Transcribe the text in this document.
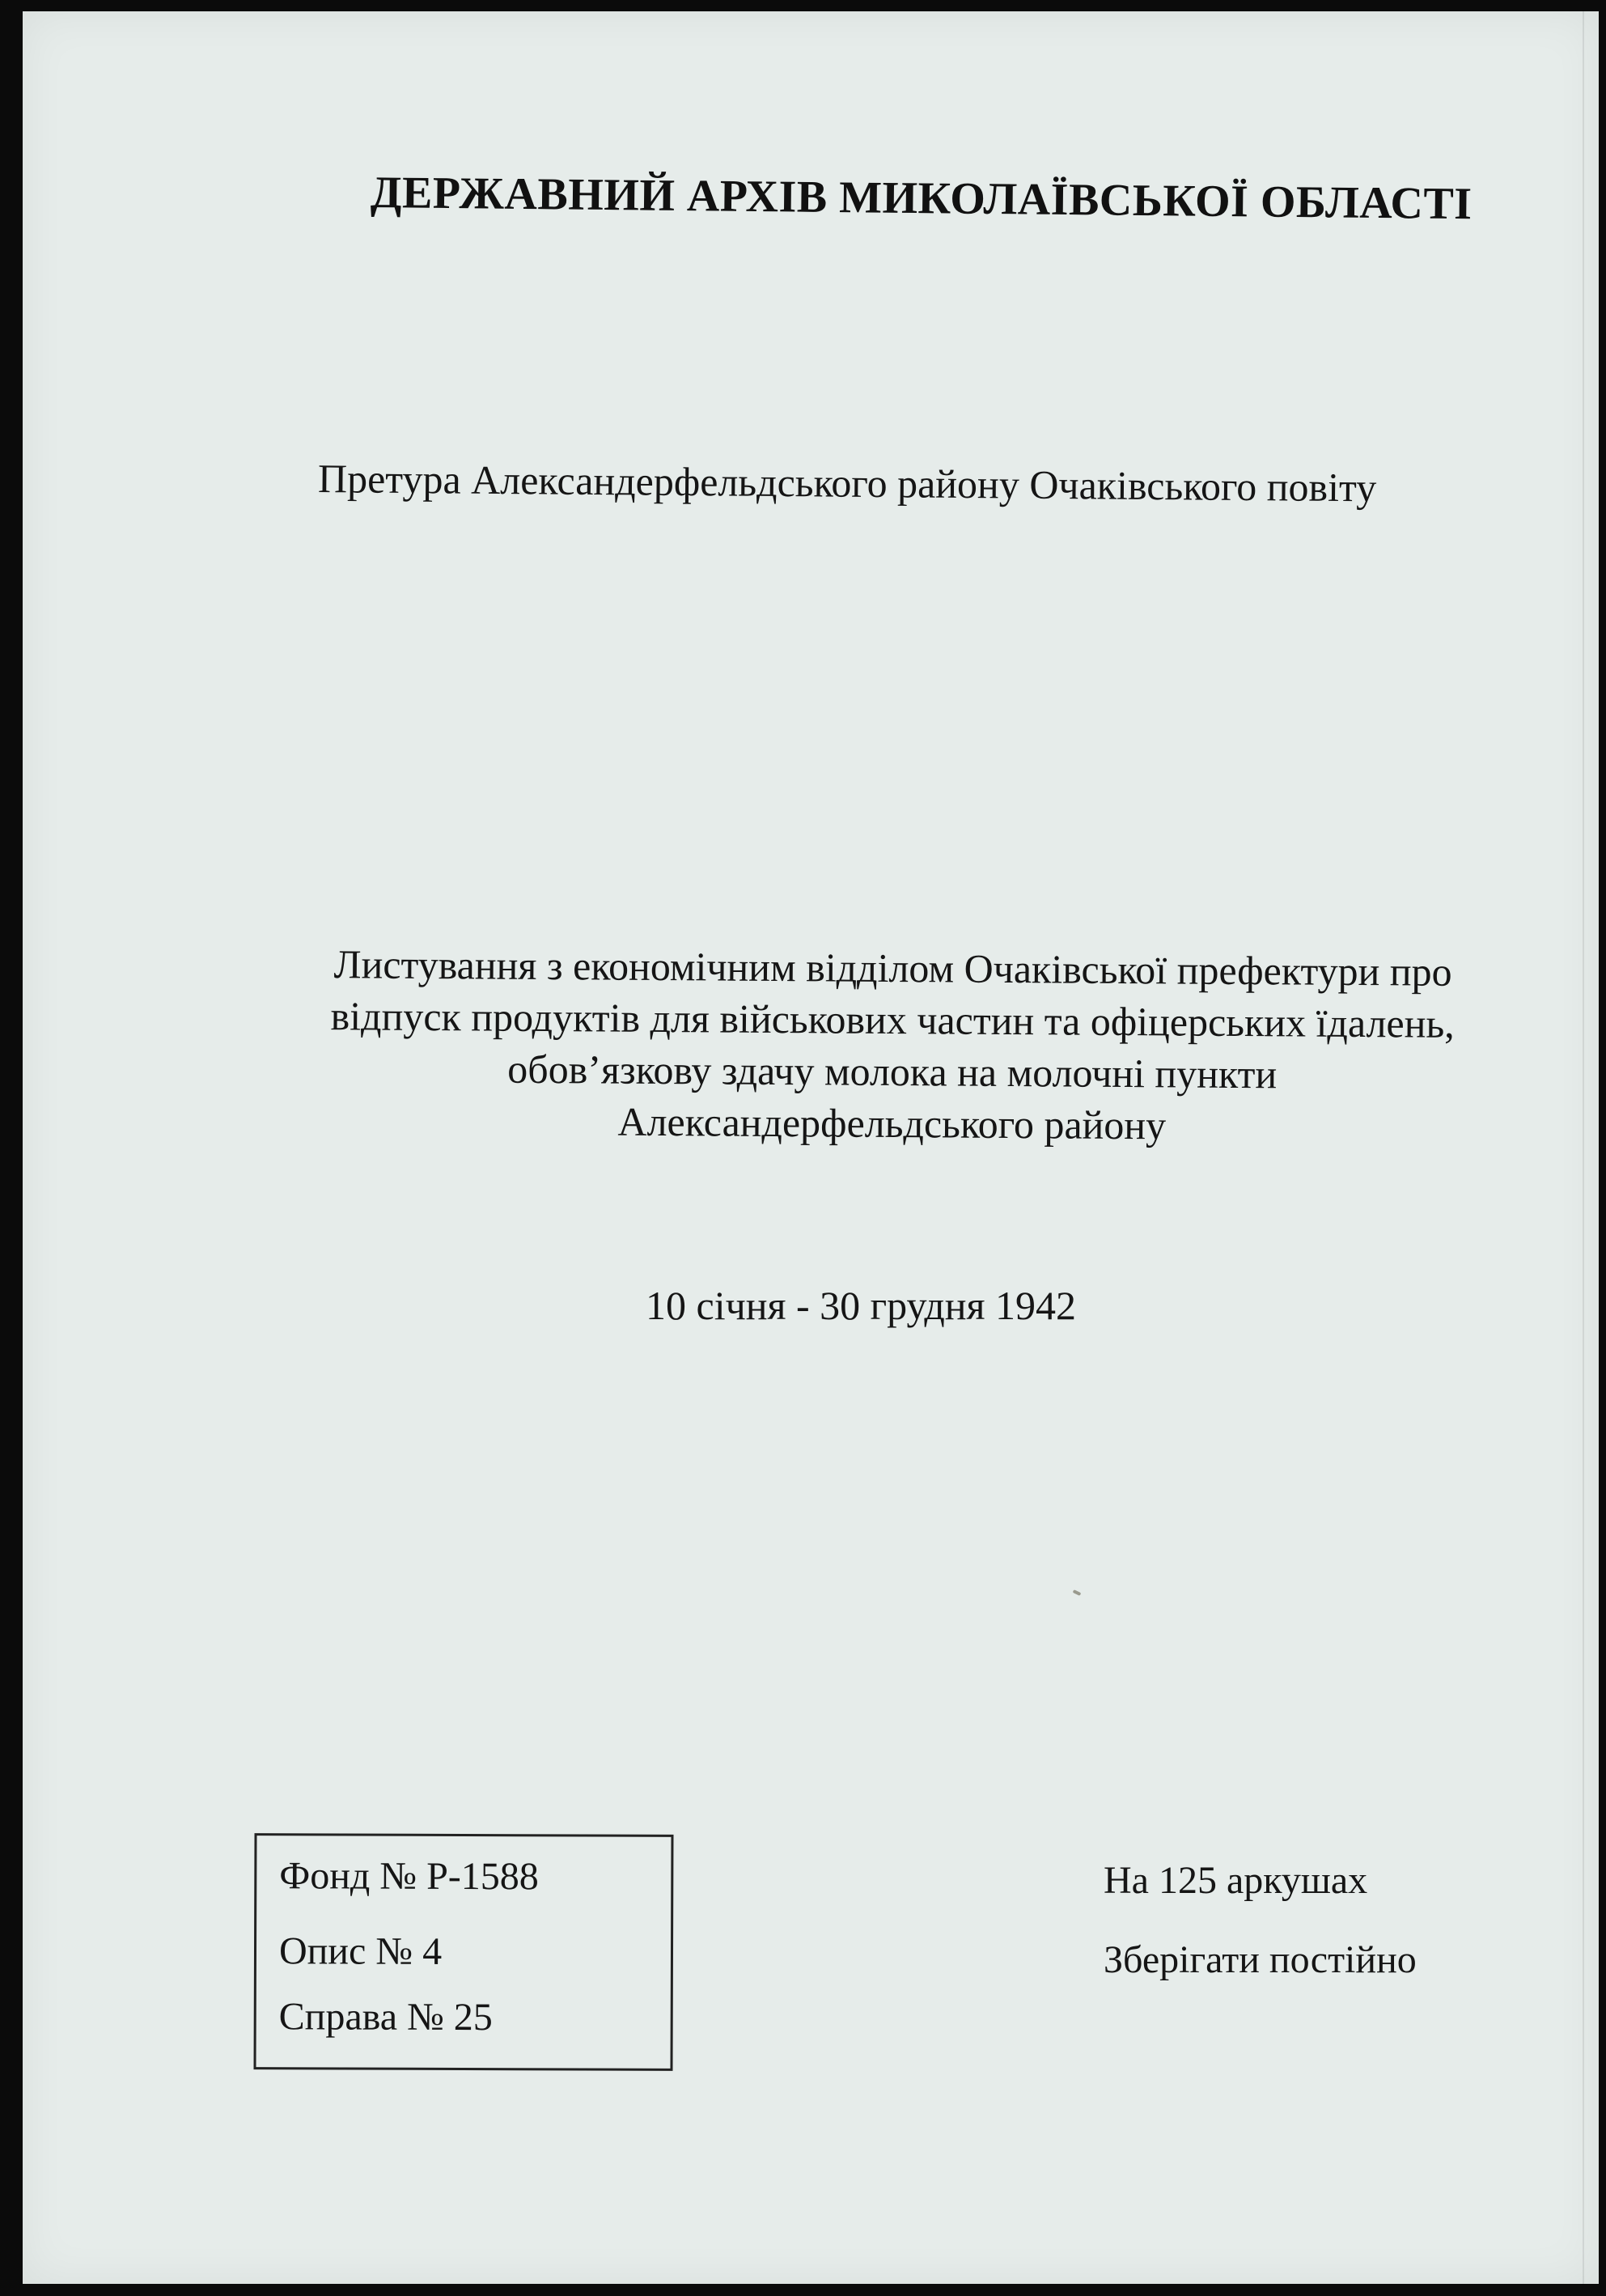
ДЕРЖАВНИЙ АРХІВ МИКОЛАЇВСЬКОЇ ОБЛАСТІ
Претура Александерфельдського району Очаківського повіту
Листування з економічним відділом Очаківської префектури про
відпуск продуктів для військових частин та офіцерських їдалень,
обов’язкову здачу молока на молочні пункти
Александерфельдського району
10 січня - 30 грудня 1942
Фонд № Р-1588
Опис № 4
Справа № 25
На 125 аркушах
Зберігати постійно
